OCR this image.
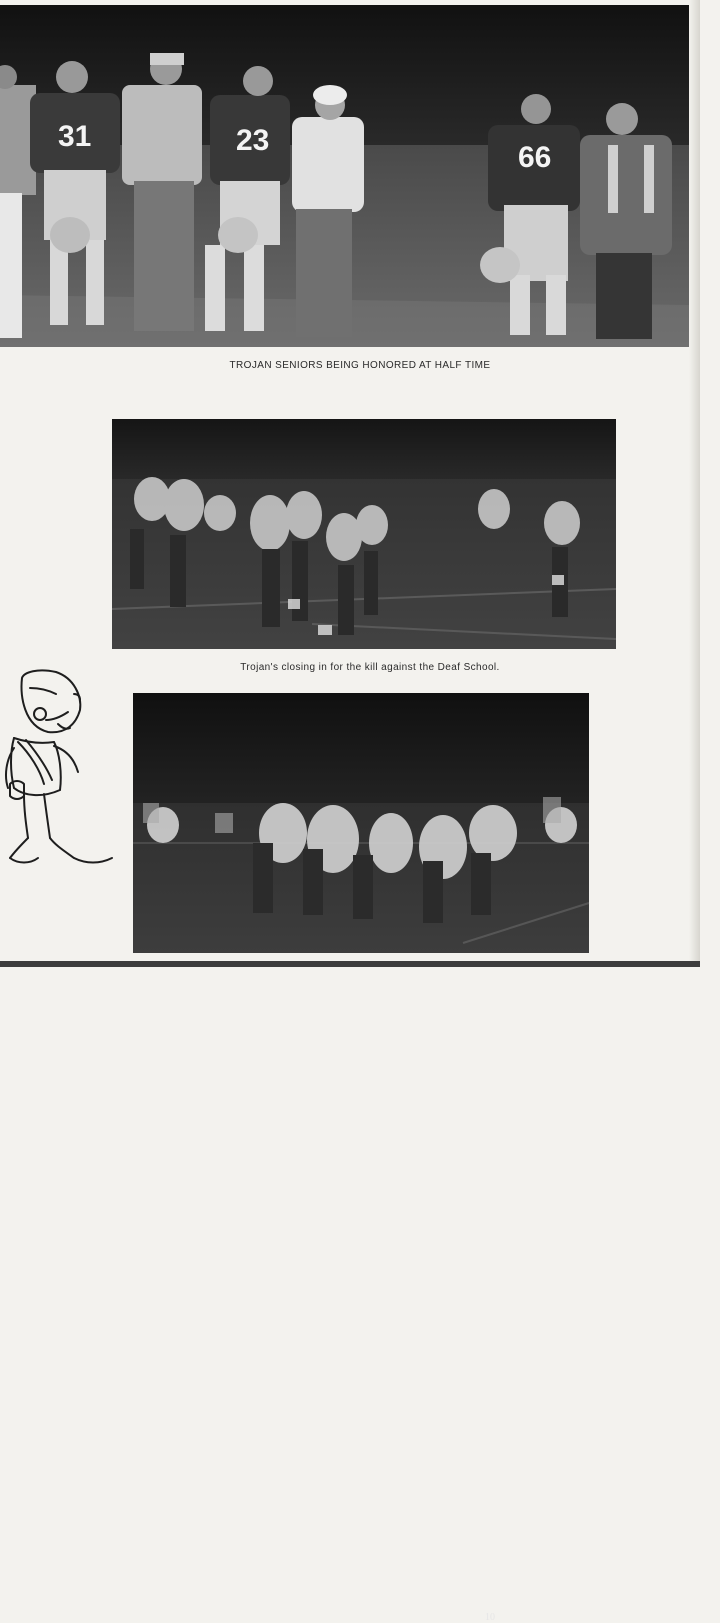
31	23
66
TROJAN SENIORS BEING HONORED AT HALF TIME
Trojan's closing in for the kill against the Deaf School.
10
